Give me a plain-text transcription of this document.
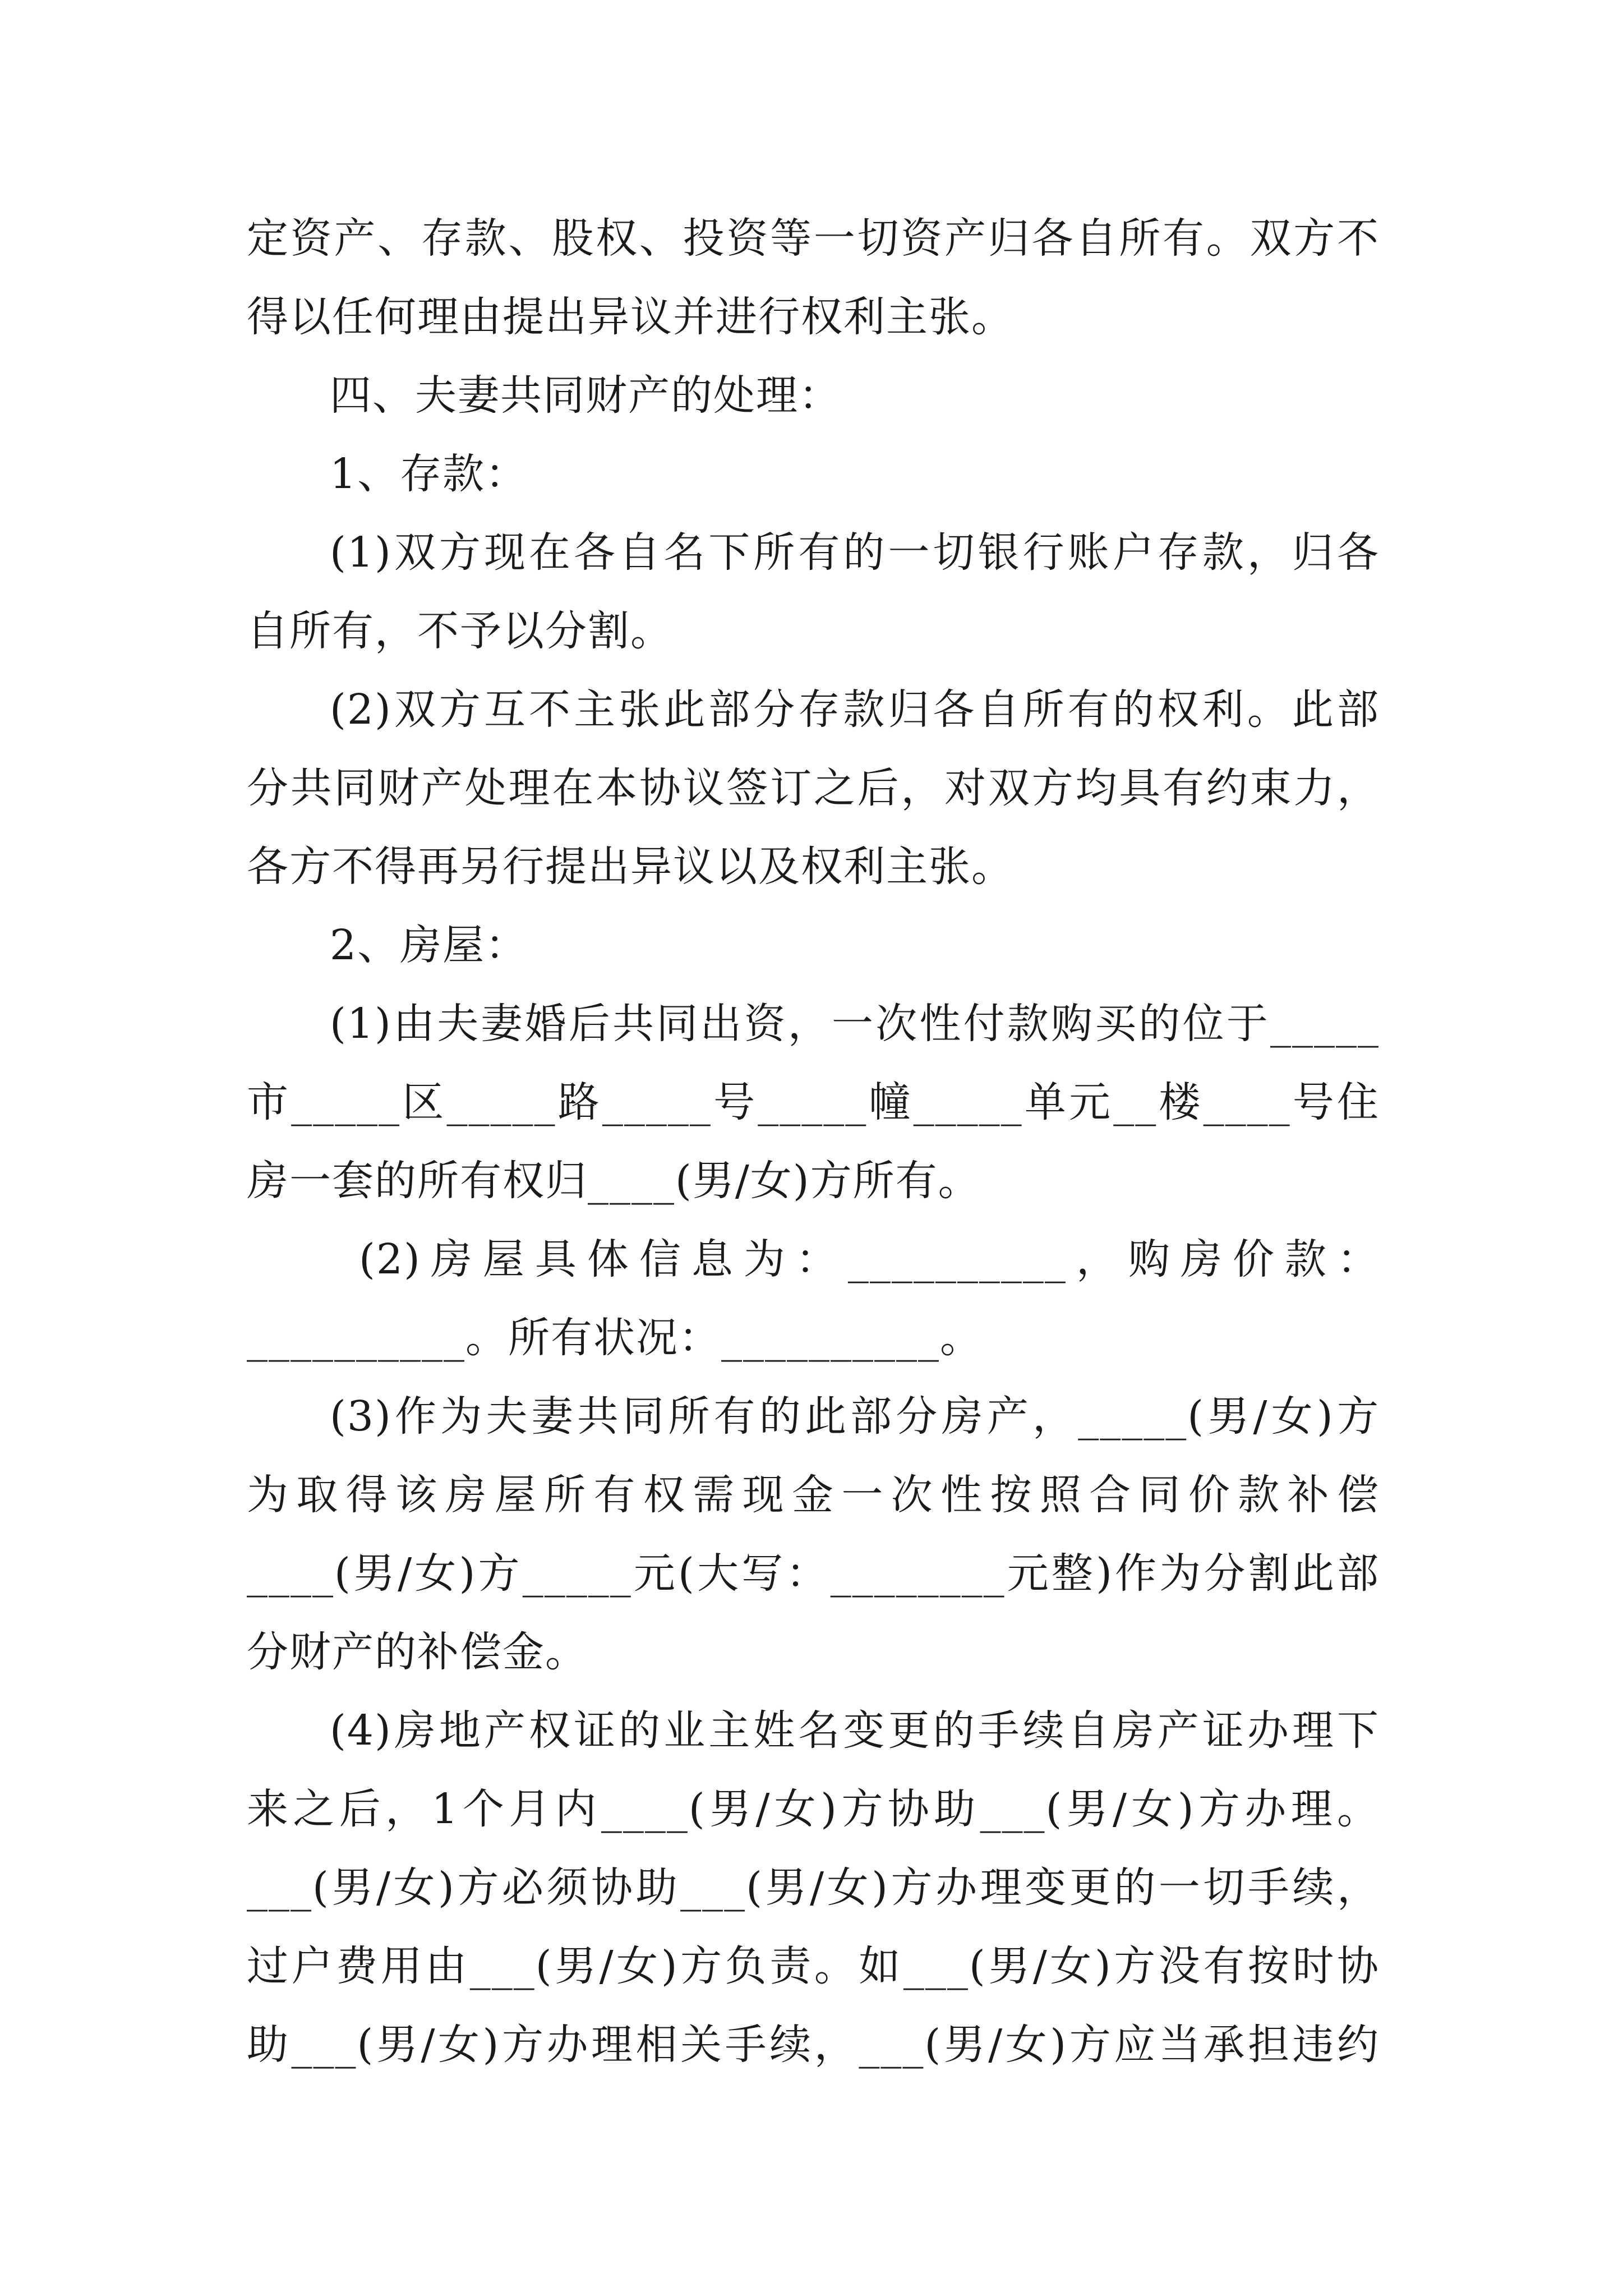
定资产、存款、股权、投资等一切资产归各自所有。双方不
得以任何理由提出异议并进行权利主张。
四、夫妻共同财产的处理：
1、存款：
(1)双方现在各自名下所有的一切银行账户存款，归各
自所有，不予以分割。
(2)双方互不主张此部分存款归各自所有的权利。此部
分共同财产处理在本协议签订之后，对双方均具有约束力，
各方不得再另行提出异议以及权利主张。
2、房屋：
(1)由夫妻婚后共同出资，一次性付款购买的位于_____
市_____区_____路_____号_____幢_____单元__楼____号住
房一套的所有权归____(男/女)方所有。
(2)房屋具体信息为：__________，购房价款：
__________。所有状况：__________。
(3)作为夫妻共同所有的此部分房产，_____(男/女)方
为取得该房屋所有权需现金一次性按照合同价款补偿
____(男/女)方_____元(大写：________元整)作为分割此部
分财产的补偿金。
(4)房地产权证的业主姓名变更的手续自房产证办理下
来之后，1个月内____(男/女)方协助___(男/女)方办理。
___(男/女)方必须协助___(男/女)方办理变更的一切手续，
过户费用由___(男/女)方负责。如___(男/女)方没有按时协
助___(男/女)方办理相关手续，___(男/女)方应当承担违约
